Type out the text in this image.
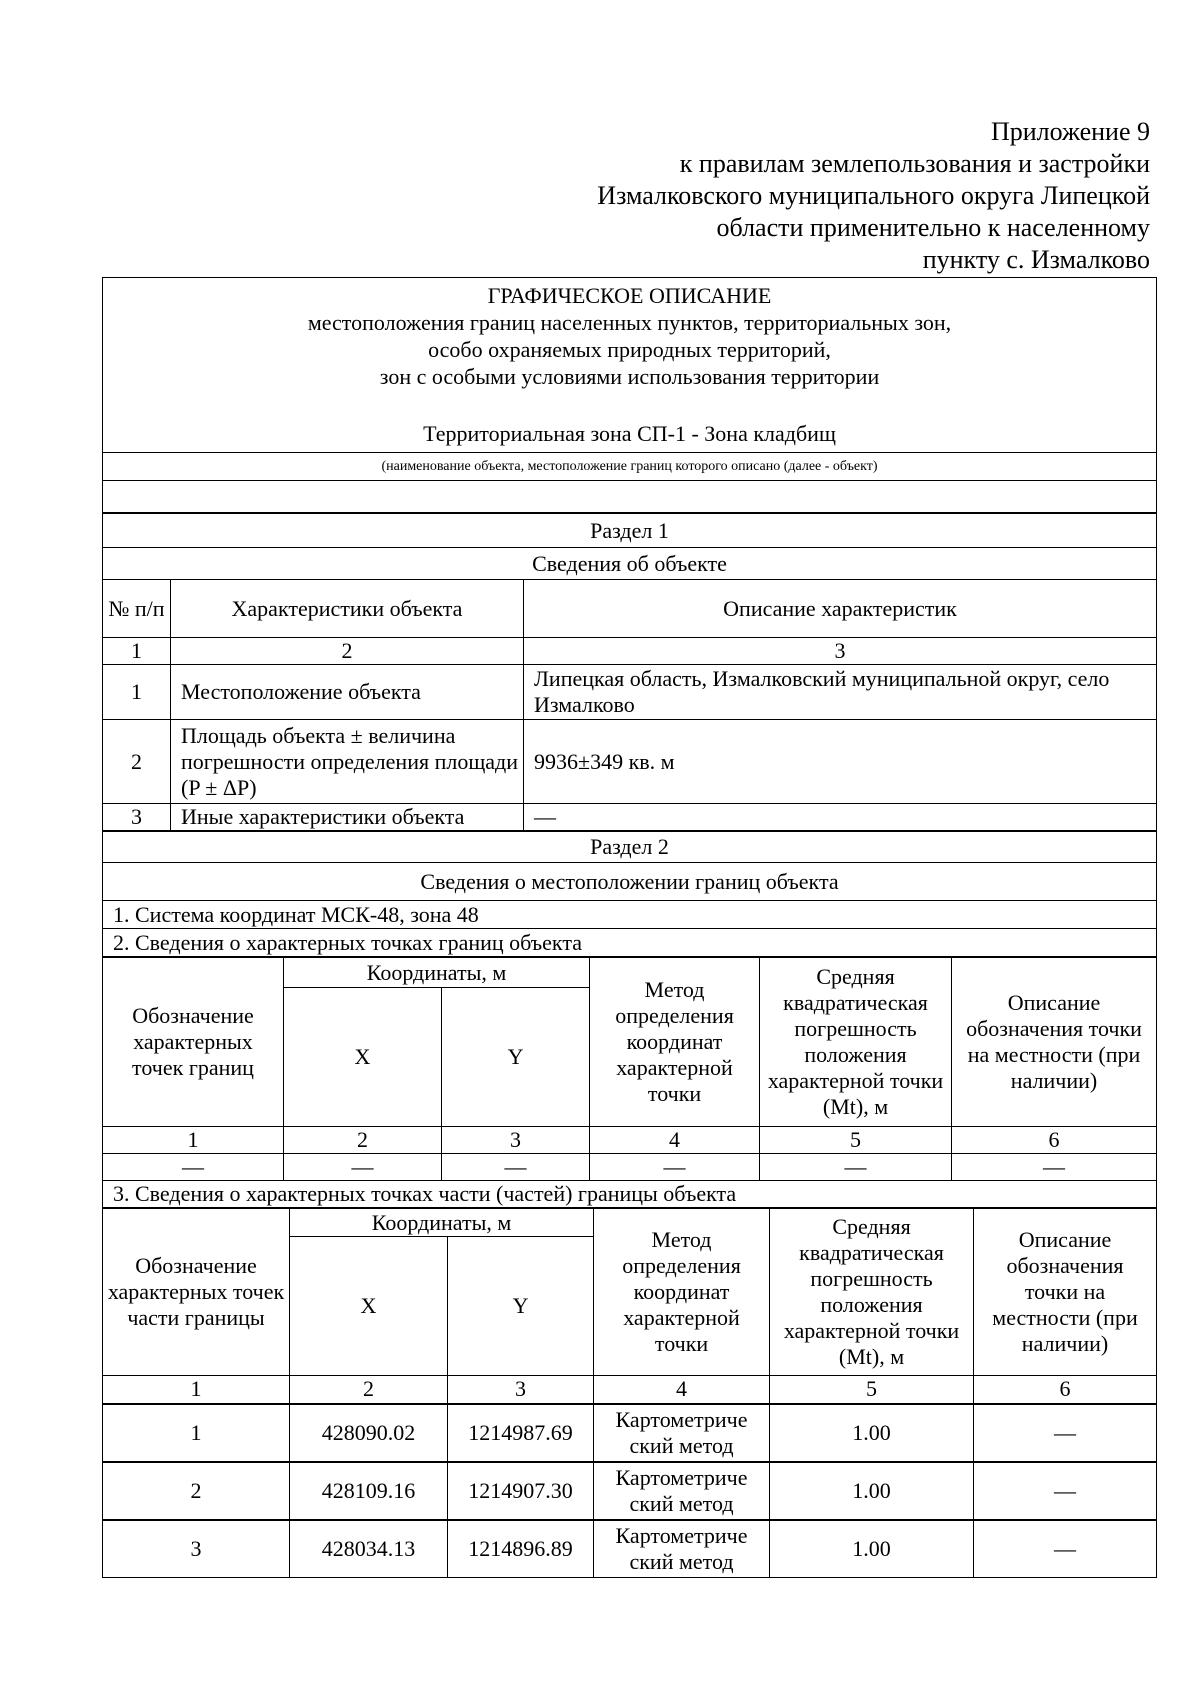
Приложение 9
к правилам землепользования и застройки
Измалковского муниципального округа Липецкой
области применительно к населенному
пункту с. Измалково
ГРАФИЧЕСКОЕ ОПИСАНИЕ
местоположения границ населенных пунктов, территориальных зон,
особо охраняемых природных территорий,
зон с особыми условиями использования территории
Территориальная зона СП-1 - Зона кладбищ

(наименование объекта, местоположение границ которого описано (далее - объект)

Раздел 1		
Сведения об объекте		
№ п/п	Характеристики объекта	Описание характеристик
1	2	3
1	Местоположение объекта	Липецкая область, Измалковский муниципальной округ, село Измалково
2	Площадь объекта ± величина погрешности определения площади (P ± ΔP)	9936±349 кв. м
3	Иные характеристики объекта	—
Раздел 2
Сведения о местоположении границ объекта
1. Система координат МСК-48, зона 48
2. Сведения о характерных точках границ объекта
Обозначение характерных точек границ	Координаты, м		Метод определения координат характерной точки	Средняя квадратическая погрешность положения характерной точки (Mt), м	Описание обозначения точки на местности (при наличии)
	X	Y			
1	2	3	4	5	6
—	—	—	—	—	—
3. Сведения о характерных точках части (частей) границы объекта					
Обозначение характерных точек части границы	Координаты, м		Метод определения координат характерной точки	Средняя квадратическая погрешность положения характерной точки (Mt), м	Описание обозначения точки на местности (при наличии)
	X	Y			
1	2	3	4	5	6
1	428090.02	1214987.69	Картометриче ский метод	1.00	—
2	428109.16	1214907.30	Картометриче ский метод	1.00	—
3	428034.13	1214896.89	Картометриче ский метод	1.00	—
